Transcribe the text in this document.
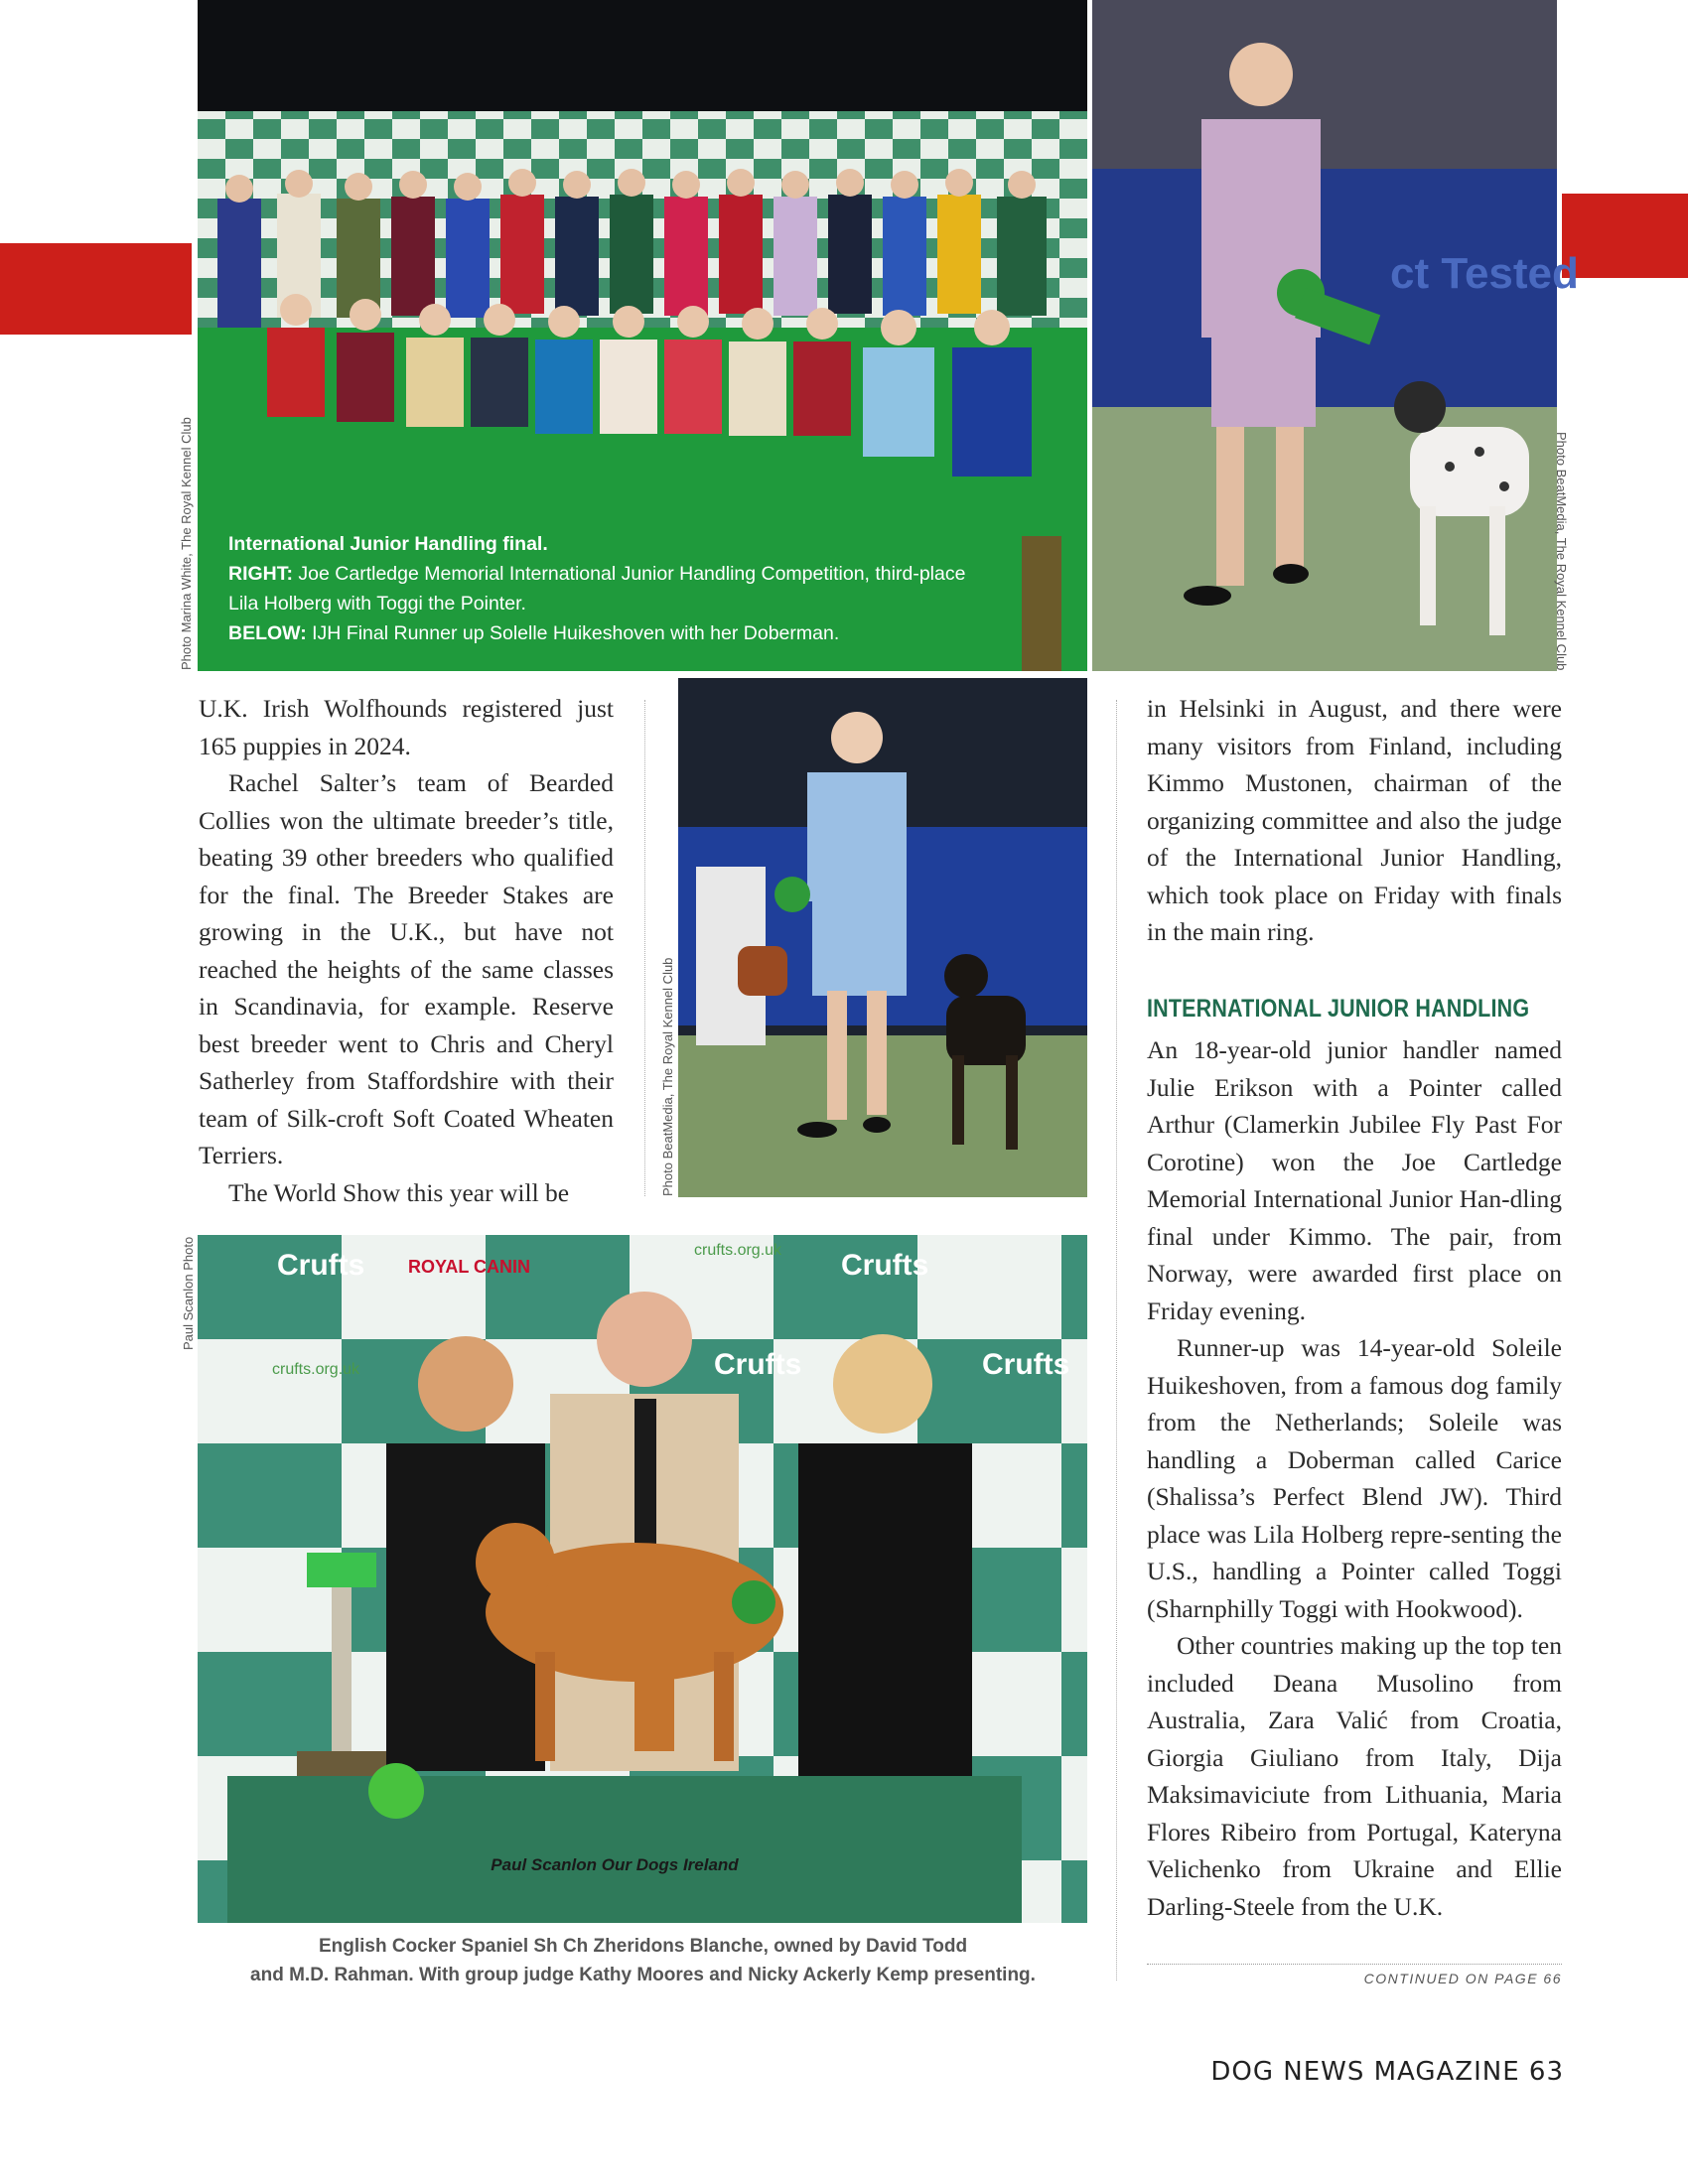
International Junior Handling final.
RIGHT: Joe Cartledge Memorial International Junior Handling Competition, third-place Lila Holberg with Toggi the Pointer.
BELOW: IJH Final Runner up Solelle Huikeshoven with her Doberman.
ct Tested
Crufts ROYAL CANIN
crufts.org.uk Crufts
Crufts	Crufts
crufts.org.uk
Paul Scanlon Our Dogs Ireland
Photo Marina White, The Royal Kennel Club	Photo BeatMedia, The Royal Kennel Club
Photo BeatMedia, The Royal Kennel Club
Paul Scanlon Photo

U.K. Irish Wolfhounds registered just 165 puppies in 2024.

Rachel Salter’s team of Bearded Collies won the ultimate breeder’s title, beating 39 other breeders who qualified for the final. The Breeder Stakes are growing in the U.K., but have not reached the heights of the same classes in Scandinavia, for example. Reserve best breeder went to Chris and Cheryl Satherley from Staffordshire with their team of Silk-croft Soft Coated Wheaten Terriers.

The World Show this year will be

in Helsinki in August, and there were many visitors from Finland, including Kimmo Mustonen, chairman of the organizing committee and also the judge of the International Junior Handling, which took place on Friday with finals in the main ring.

INTERNATIONAL JUNIOR HANDLING

An 18-year-old junior handler named Julie Erikson with a Pointer called Arthur (Clamerkin Jubilee Fly Past For Corotine) won the Joe Cartledge Memorial International Junior Han-dling final under Kimmo. The pair, from Norway, were awarded first place on Friday evening.

Runner-up was 14-year-old Soleile Huikeshoven, from a famous dog family from the Netherlands; Soleile was handling a Doberman called Carice (Shalissa’s Perfect Blend JW). Third place was Lila Holberg repre-senting the U.S., handling a Pointer called Toggi (Sharnphilly Toggi with Hookwood).

Other countries making up the top ten included Deana Musolino from Australia, Zara Valić from Croatia, Giorgia Giuliano from Italy, Dija Maksimaviciute from Lithuania, Maria Flores Ribeiro from Portugal, Kateryna Velichenko from Ukraine and Ellie Darling-Steele from the U.K.

CONTINUED ON PAGE 66
English Cocker Spaniel Sh Ch Zheridons Blanche, owned by David Todd
and M.D. Rahman. With group judge Kathy Moores and Nicky Ackerly Kemp presenting.
DOG NEWS MAGAZINE 63
